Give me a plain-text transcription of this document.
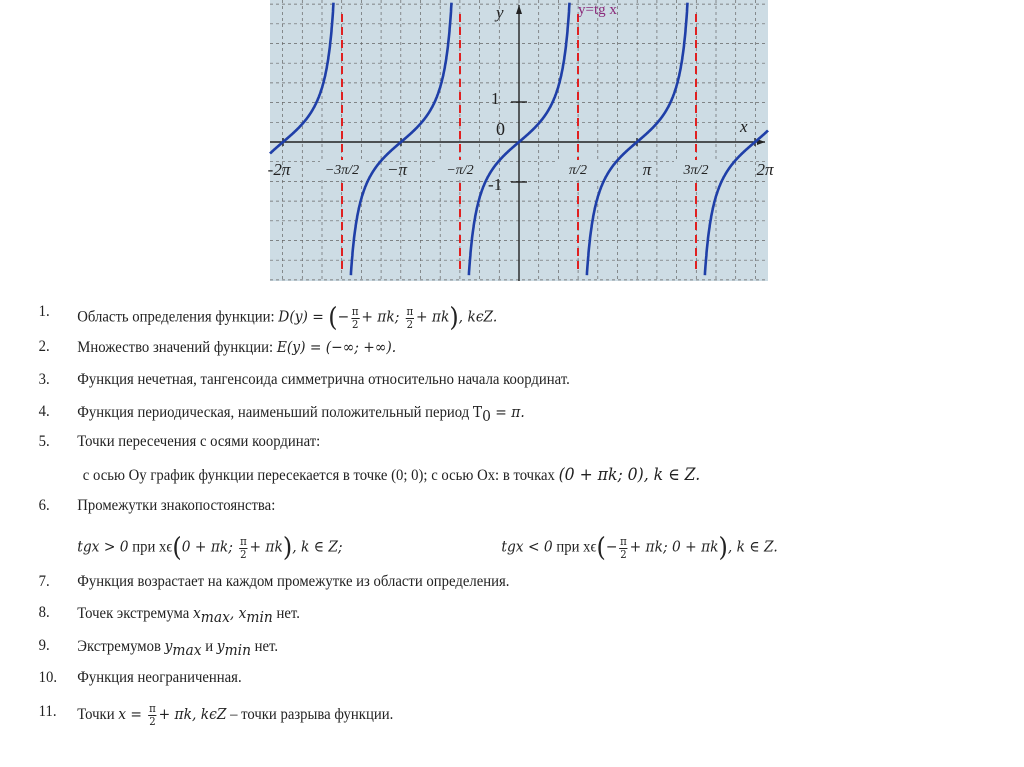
y=tg x
y
x
0
1
-1
-2π −3π/2 −π	−π/2	π/2	π 3π/2	2π
1. Область определения функции: D(y) = (− $\frac{\pi}{2} + \pi k$; $\frac{\pi}{2} + \pi k$), kϵZ.
2. Множество значений функции: E(y) = (−∞; +∞).
3. Функция нечетная, тангенсоида симметрична относительно начала координат.
4. Функция периодическая, наименьший положительный период $T_0 = \pi$.
5. Точки пересечения с осями координат:
с осью Oy график функции пересекается в точке (0; 0); с осью Ox: в точках (0 + πk; 0), k ∈ Z.
6. Промежутки знакопостоянства:
tgx > 0 при xϵ(0 + πk; $\frac{\pi}{2} + \pi k$), k ∈ Z;	tgx < 0 при $x\epsilon(- \frac{\pi}{2} + \pi k$; 0 + πk), k ∈ Z.
7. Функция возрастает на каждом промежутке из области определения.
8. Точек экстремума $x_{max}$, $x_{min}$ нет.
9. Экстремумов $y_{max}$ и $y_{min}$ нет.
10. Функция неограниченная.
11. Точки $x = \frac{\pi}{2} + \pi k$, kϵZ – точки разрыва функции.
